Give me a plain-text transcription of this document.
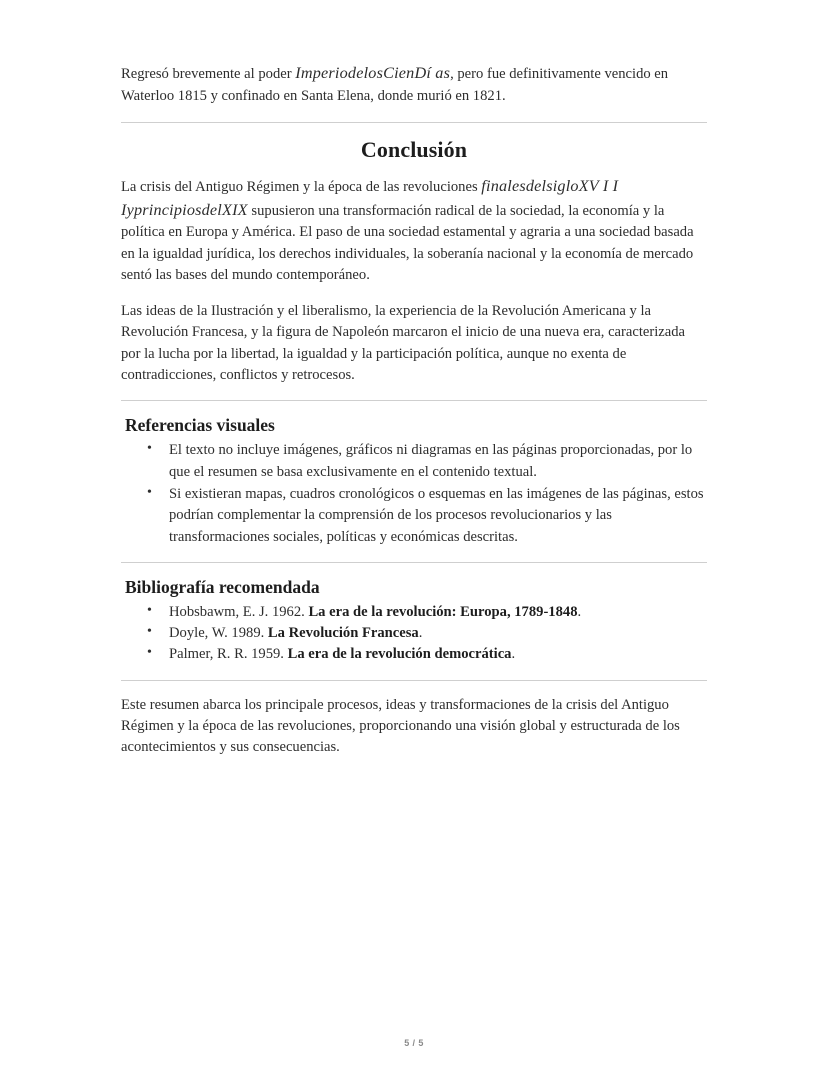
Regresó brevemente al poder ImperiodelosCienDí as, pero fue definitivamente vencido en Waterloo 1815 y confinado en Santa Elena, donde murió en 1821.

Conclusión

La crisis del Antiguo Régimen y la época de las revoluciones finalesdelsigloXV I I IyprincipiosdelXIX supusieron una transformación radical de la sociedad, la economía y la política en Europa y América. El paso de una sociedad estamental y agraria a una sociedad basada en la igualdad jurídica, los derechos individuales, la soberanía nacional y la economía de mercado sentó las bases del mundo contemporáneo.

Las ideas de la Ilustración y el liberalismo, la experiencia de la Revolución Americana y la Revolución Francesa, y la figura de Napoleón marcaron el inicio de una nueva era, caracterizada por la lucha por la libertad, la igualdad y la participación política, aunque no exenta de contradicciones, conflictos y retrocesos.

Referencias visuales
• El texto no incluye imágenes, gráficos ni diagramas en las páginas proporcionadas, por lo que el resumen se basa exclusivamente en el contenido textual.
• Si existieran mapas, cuadros cronológicos o esquemas en las imágenes de las páginas, estos podrían complementar la comprensión de los procesos revolucionarios y las transformaciones sociales, políticas y económicas descritas.
Bibliografía recomendada
• Hobsbawm, E. J. 1962. La era de la revolución: Europa, 1789-1848.
• Doyle, W. 1989. La Revolución Francesa.
• Palmer, R. R. 1959. La era de la revolución democrática.

Este resumen abarca los principale procesos, ideas y transformaciones de la crisis del Antiguo Régimen y la época de las revoluciones, proporcionando una visión global y estructurada de los acontecimientos y sus consecuencias.

5 / 5
